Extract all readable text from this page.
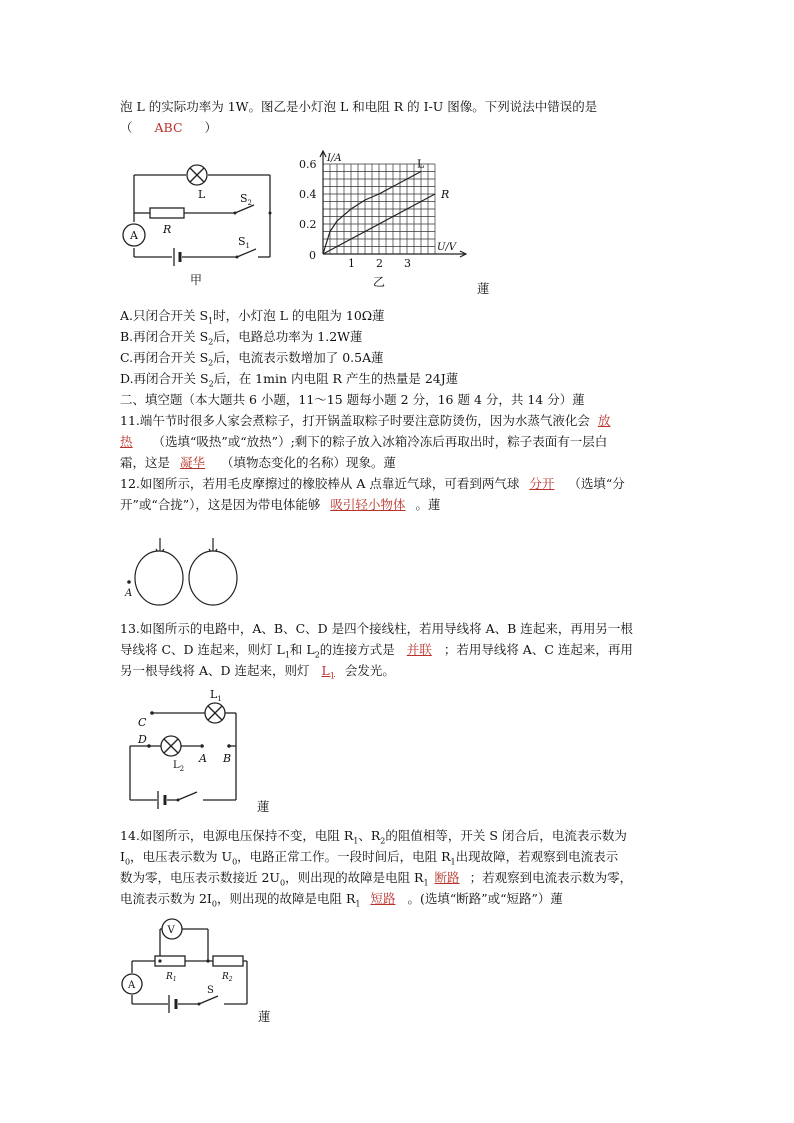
泡 L 的实际功率为 1W。图乙是小灯泡 L 和电阻 R 的 I-U 图像。下列说法中错误的是
（ ABC ）
L
R
$S_2$
A	$S_1$
甲
1 2 3
0.2
0.4
0.6
0
U/V
I/A	L
R
乙	蓮
A.只闭合开关 $S_1$时，小灯泡 L 的电阻为 10Ω蓮
B.再闭合开关 $S_2$后，电路总功率为 1.2W蓮
C.再闭合开关 $S_2$后，电流表示数增加了 0.5A蓮
D.再闭合开关 $S_2$后，在 1min 内电阻 R 产生的热量是 24J蓮
二、填空题（本大题共 6 小题，11～15 题每小题 2 分，16 题 4 分，共 14 分）蓮
11.端午节时很多人家会煮粽子，打开锅盖取粽子时要注意防烫伤，因为水蒸气液化会 放
热 （选填“吸热”或“放热”）;剩下的粽子放入冰箱冷冻后再取出时，粽子表面有一层白
霜，这是 凝华 （填物态变化的名称）现象。蓮
12.如图所示，若用毛皮摩擦过的橡胶棒从 A 点靠近气球，可看到两气球 分开 （选填“分
开”或“合拢”），这是因为带电体能够 吸引轻小物体 。蓮
A
13.如图所示的电路中，A、B、C、D 是四个接线柱，若用导线将 A、B 连起来，再用另一根
导线将 C、D 连起来，则灯 $L_1$和 $L_2$的连接方式是 并联 ；若用导线将 A、C 连起来，再用
另一根导线将 A、D 连起来，则灯 $L_1$ 会发光。
$L_1$
$L_2$
C
D
A B
蓮
14.如图所示，电源电压保持不变，电阻 $R_1$、$R_2$的阻值相等，开关 S 闭合后，电流表示数为
$I_0$，电压表示数为 $U_0$，电路正常工作。一段时间后，电阻 $R_1$出现故障，若观察到电流表示
数为零，电压表示数接近 $2U_0$，则出现的故障是电阻 $R_1$ 断路 ；若观察到电流表示数为零，
电流表示数为 $2I_0$，则出现的故障是电阻 $R_1$ 短路 。(选填“断路”或“短路”）蓮
V
$R_1$	$R_2$
A	S
蓮
